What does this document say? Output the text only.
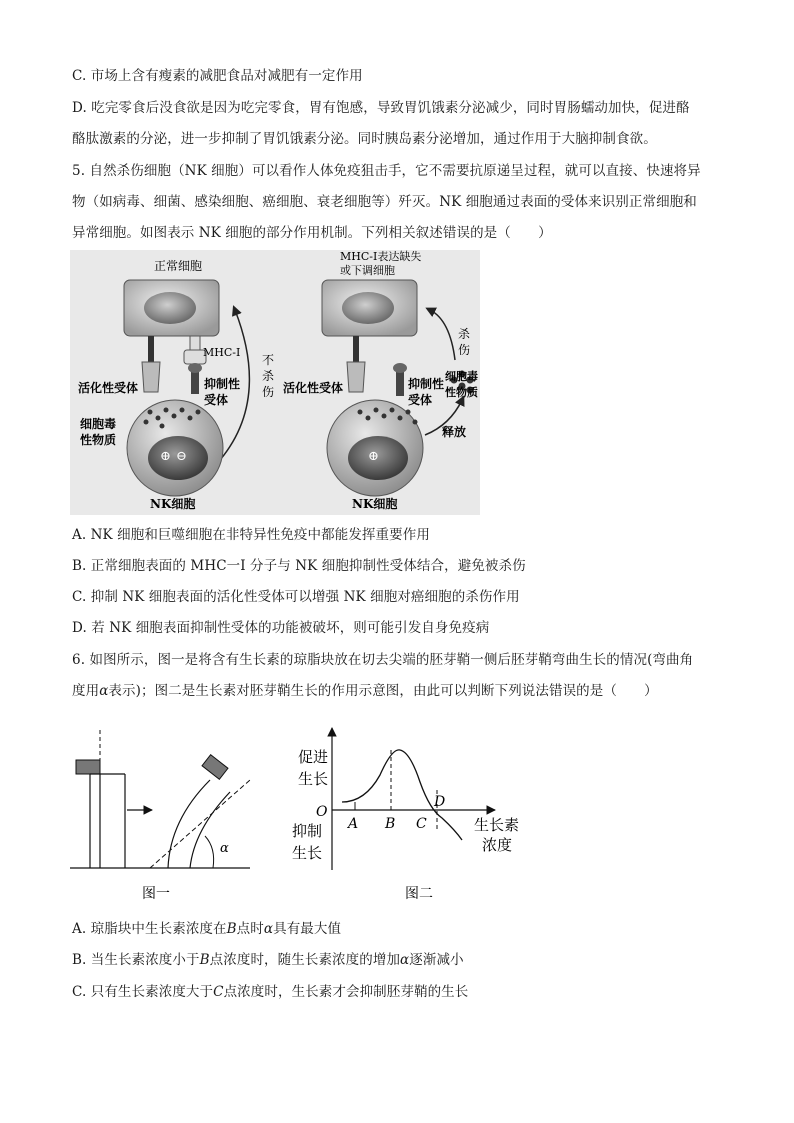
C. 市场上含有瘦素的减肥食品对减肥有一定作用
D. 吃完零食后没食欲是因为吃完零食，胃有饱感，导致胃饥饿素分泌减少，同时胃肠蠕动加快，促进酪
酪肽激素的分泌，进一步抑制了胃饥饿素分泌。同时胰岛素分泌增加，通过作用于大脑抑制食欲。
5. 自然杀伤细胞（NK 细胞）可以看作人体免疫狙击手，它不需要抗原递呈过程，就可以直接、快速将异
物（如病毒、细菌、感染细胞、癌细胞、衰老细胞等）歼灭。NK 细胞通过表面的受体来识别正常细胞和
异常细胞。如图表示 NK 细胞的部分作用机制。下列相关叙述错误的是（　　）
正常细胞
MHC-Ⅰ
不
杀
伤
活化性受体	抑制性
受体
⊕ ⊖
细胞毒
性物质
NK细胞
MHC-Ⅰ表达缺失
或下调细胞
活化性受体	抑制性
受体
杀
伤
细胞毒
性物质
释放
⊕
NK细胞
A. NK 细胞和巨噬细胞在非特异性免疫中都能发挥重要作用
B. 正常细胞表面的 MHC一I 分子与 NK 细胞抑制性受体结合，避免被杀伤
C. 抑制 NK 细胞表面的活化性受体可以增强 NK 细胞对癌细胞的杀伤作用
D. 若 NK 细胞表面抑制性受体的功能被破坏，则可能引发自身免疫病
6. 如图所示，图一是将含有生长素的琼脂块放在切去尖端的胚芽鞘一侧后胚芽鞘弯曲生长的情况(弯曲角
度用α表示)；图二是生长素对胚芽鞘生长的作用示意图，由此可以判断下列说法错误的是（　　）
α
图一
促进
生长
抑制
生长
O
A B C
D
生长素
浓度
图二
A. 琼脂块中生长素浓度在B点时α具有最大值
B. 当生长素浓度小于B点浓度时，随生长素浓度的增加α逐渐减小
C. 只有生长素浓度大于C点浓度时，生长素才会抑制胚芽鞘的生长
